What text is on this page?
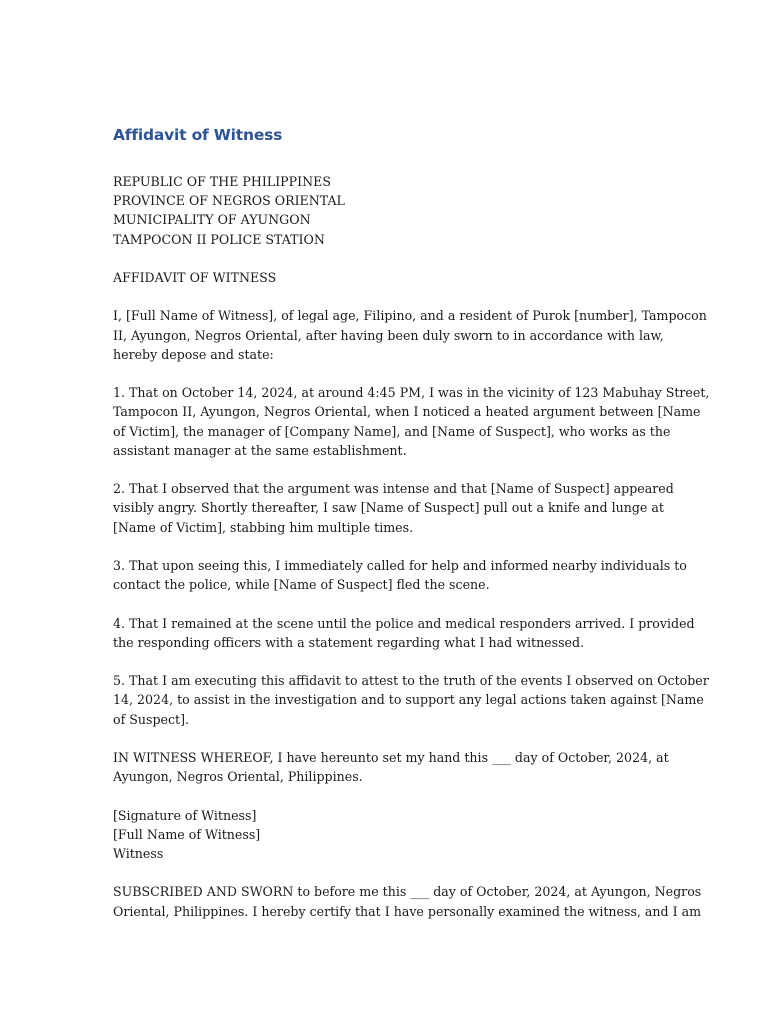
Affidavit of Witness

REPUBLIC OF THE PHILIPPINES
PROVINCE OF NEGROS ORIENTAL
MUNICIPALITY OF AYUNGON
TAMPOCON II POLICE STATION

AFFIDAVIT OF WITNESS

I, [Full Name of Witness], of legal age, Filipino, and a resident of Purok [number], Tampocon
II, Ayungon, Negros Oriental, after having been duly sworn to in accordance with law,
hereby depose and state:

1. That on October 14, 2024, at around 4:45 PM, I was in the vicinity of 123 Mabuhay Street,
Tampocon II, Ayungon, Negros Oriental, when I noticed a heated argument between [Name
of Victim], the manager of [Company Name], and [Name of Suspect], who works as the
assistant manager at the same establishment.

2. That I observed that the argument was intense and that [Name of Suspect] appeared
visibly angry. Shortly thereafter, I saw [Name of Suspect] pull out a knife and lunge at
[Name of Victim], stabbing him multiple times.

3. That upon seeing this, I immediately called for help and informed nearby individuals to
contact the police, while [Name of Suspect] fled the scene.

4. That I remained at the scene until the police and medical responders arrived. I provided
the responding officers with a statement regarding what I had witnessed.

5. That I am executing this affidavit to attest to the truth of the events I observed on October
14, 2024, to assist in the investigation and to support any legal actions taken against [Name
of Suspect].

IN WITNESS WHEREOF, I have hereunto set my hand this ___ day of October, 2024, at
Ayungon, Negros Oriental, Philippines.

[Signature of Witness]
[Full Name of Witness]
Witness

SUBSCRIBED AND SWORN to before me this ___ day of October, 2024, at Ayungon, Negros
Oriental, Philippines. I hereby certify that I have personally examined the witness, and I am
